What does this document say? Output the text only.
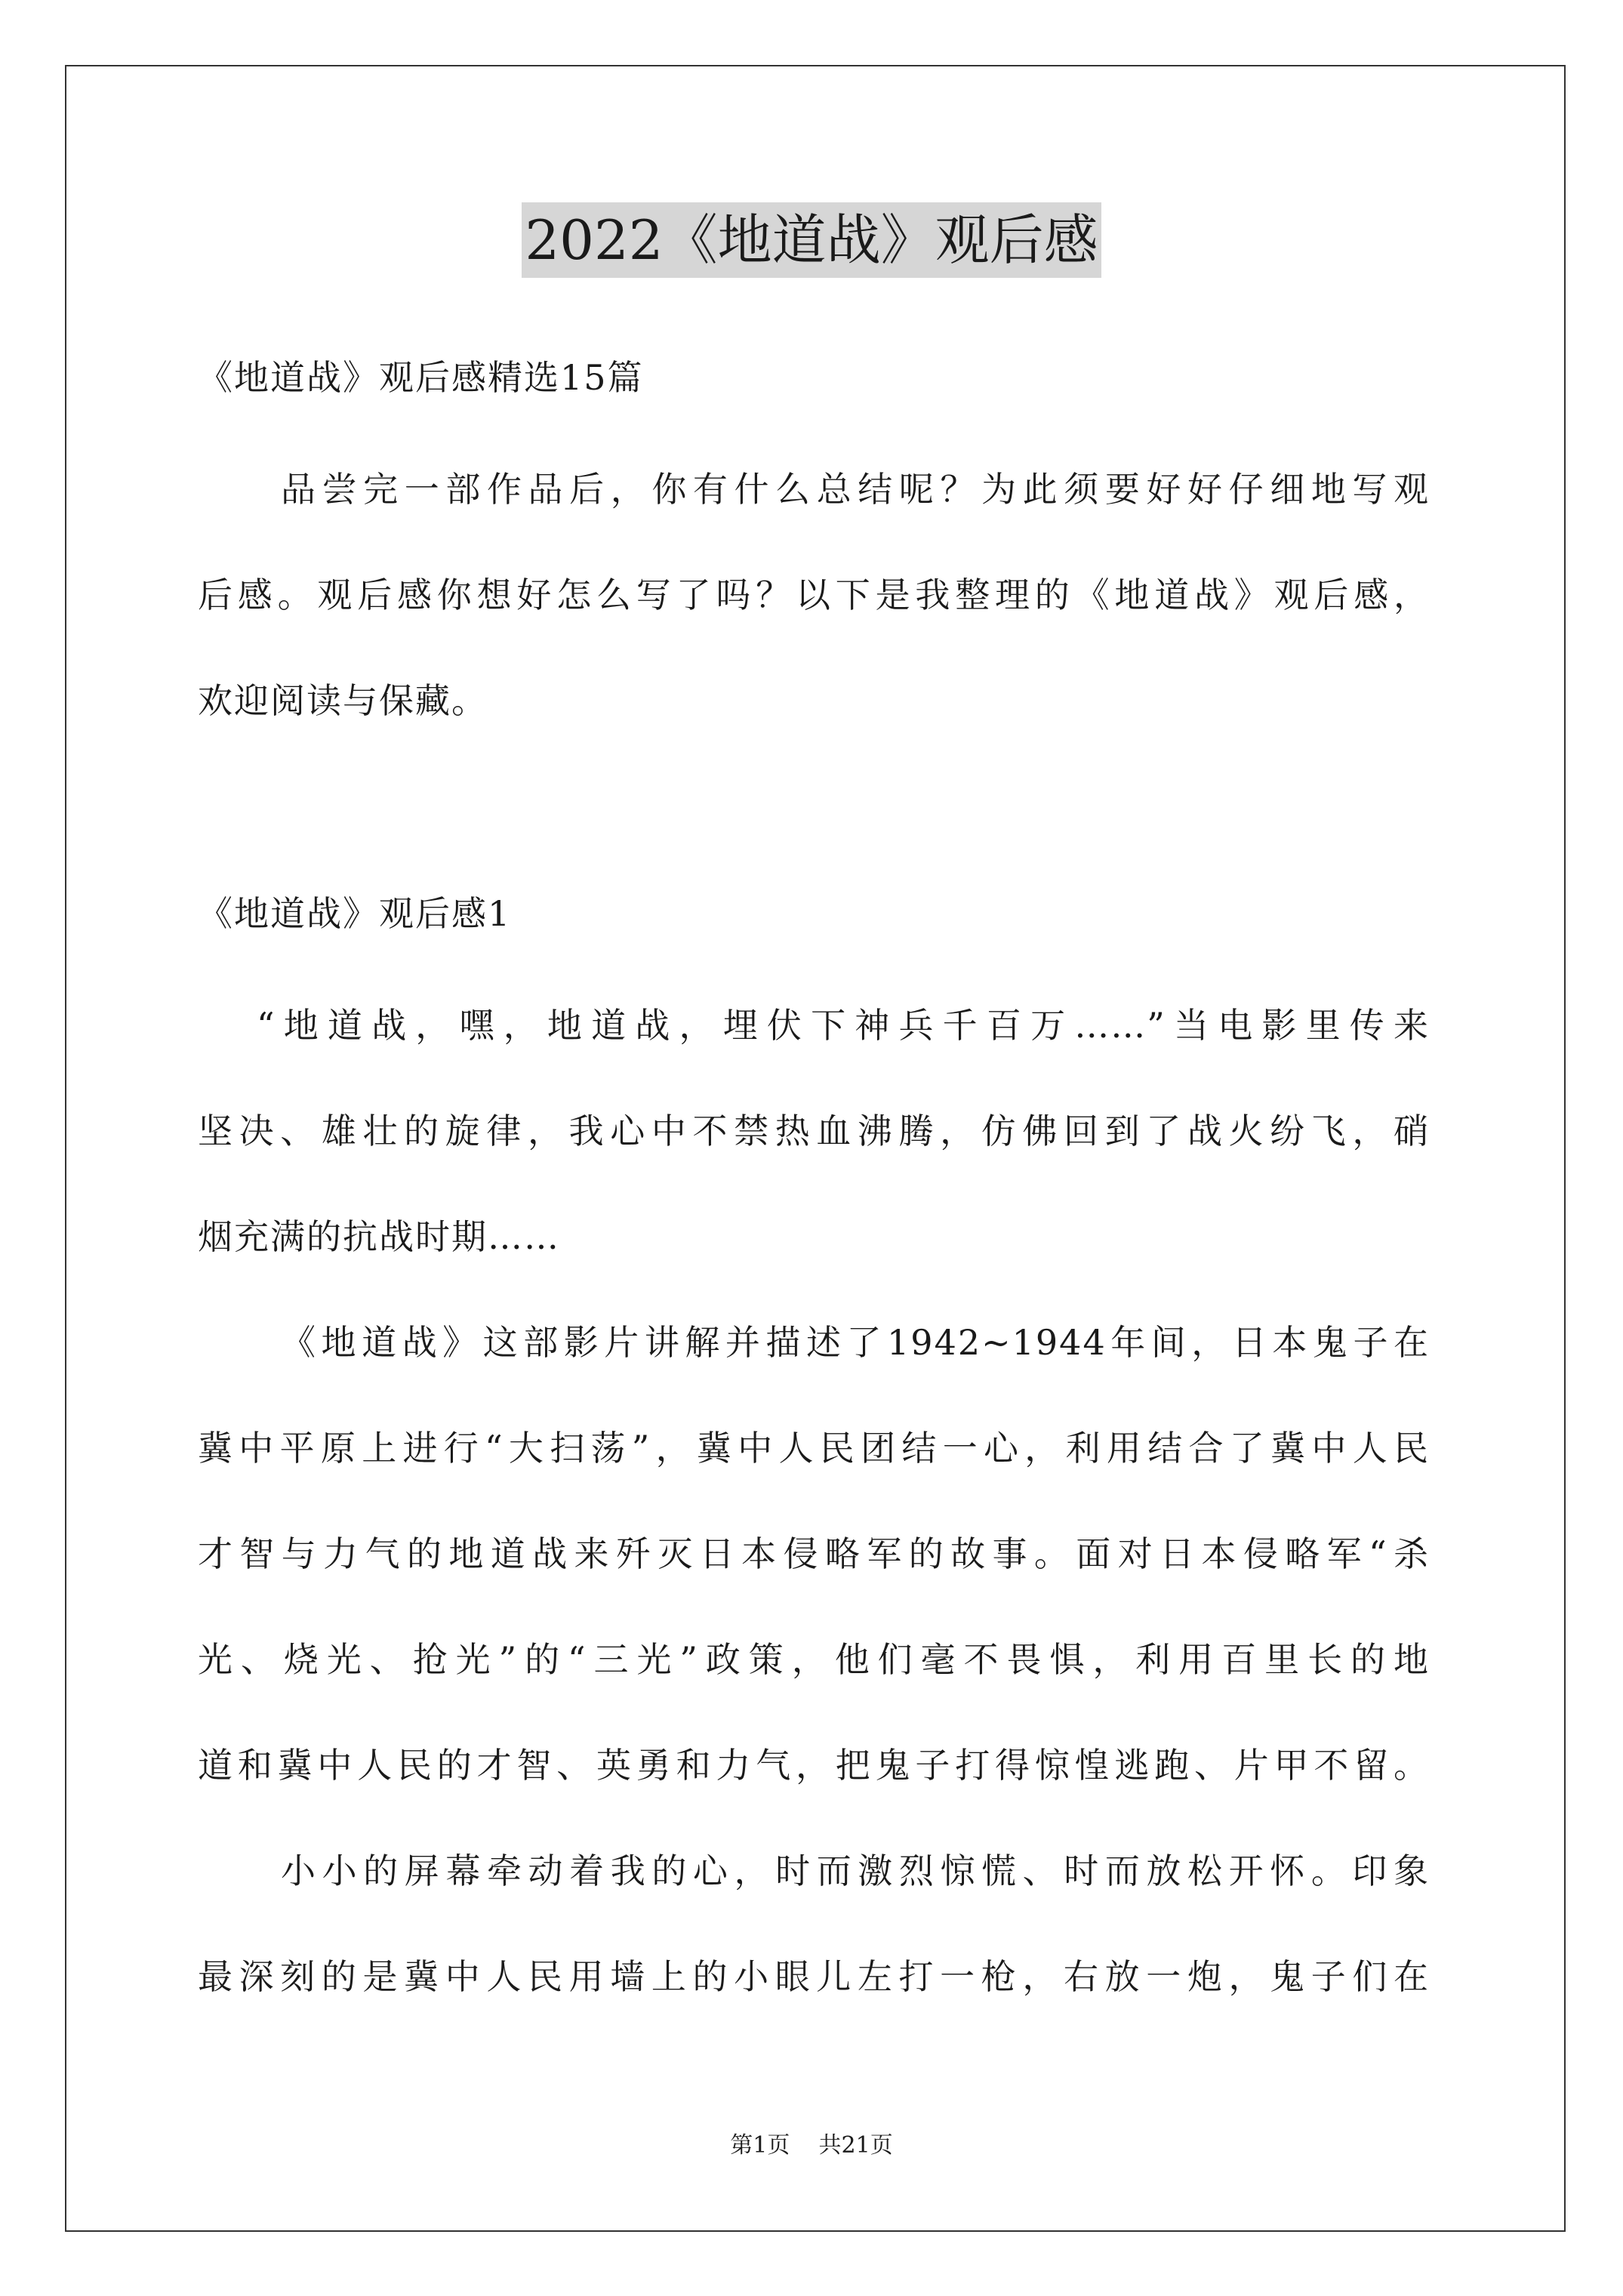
2022《地道战》观后感

《地道战》观后感精选15篇

品尝完一部作品后，你有什么总结呢？为此须要好好仔细地写观

后感。观后感你想好怎么写了吗？以下是我整理的《地道战》观后感，

欢迎阅读与保藏。

《地道战》观后感1

“地道战，嘿，地道战，埋伏下神兵千百万……”当电影里传来

坚决、雄壮的旋律，我心中不禁热血沸腾，仿佛回到了战火纷飞，硝

烟充满的抗战时期……

《地道战》这部影片讲解并描述了1942~1944年间，日本鬼子在

冀中平原上进行“大扫荡”，冀中人民团结一心，利用结合了冀中人民

才智与力气的地道战来歼灭日本侵略军的故事。面对日本侵略军“杀

光、烧光、抢光”的“三光”政策，他们毫不畏惧，利用百里长的地

道和冀中人民的才智、英勇和力气，把鬼子打得惊惶逃跑、片甲不留。

小小的屏幕牵动着我的心，时而激烈惊慌、时而放松开怀。印象

最深刻的是冀中人民用墙上的小眼儿左打一枪，右放一炮，鬼子们在

第1页 共21页
